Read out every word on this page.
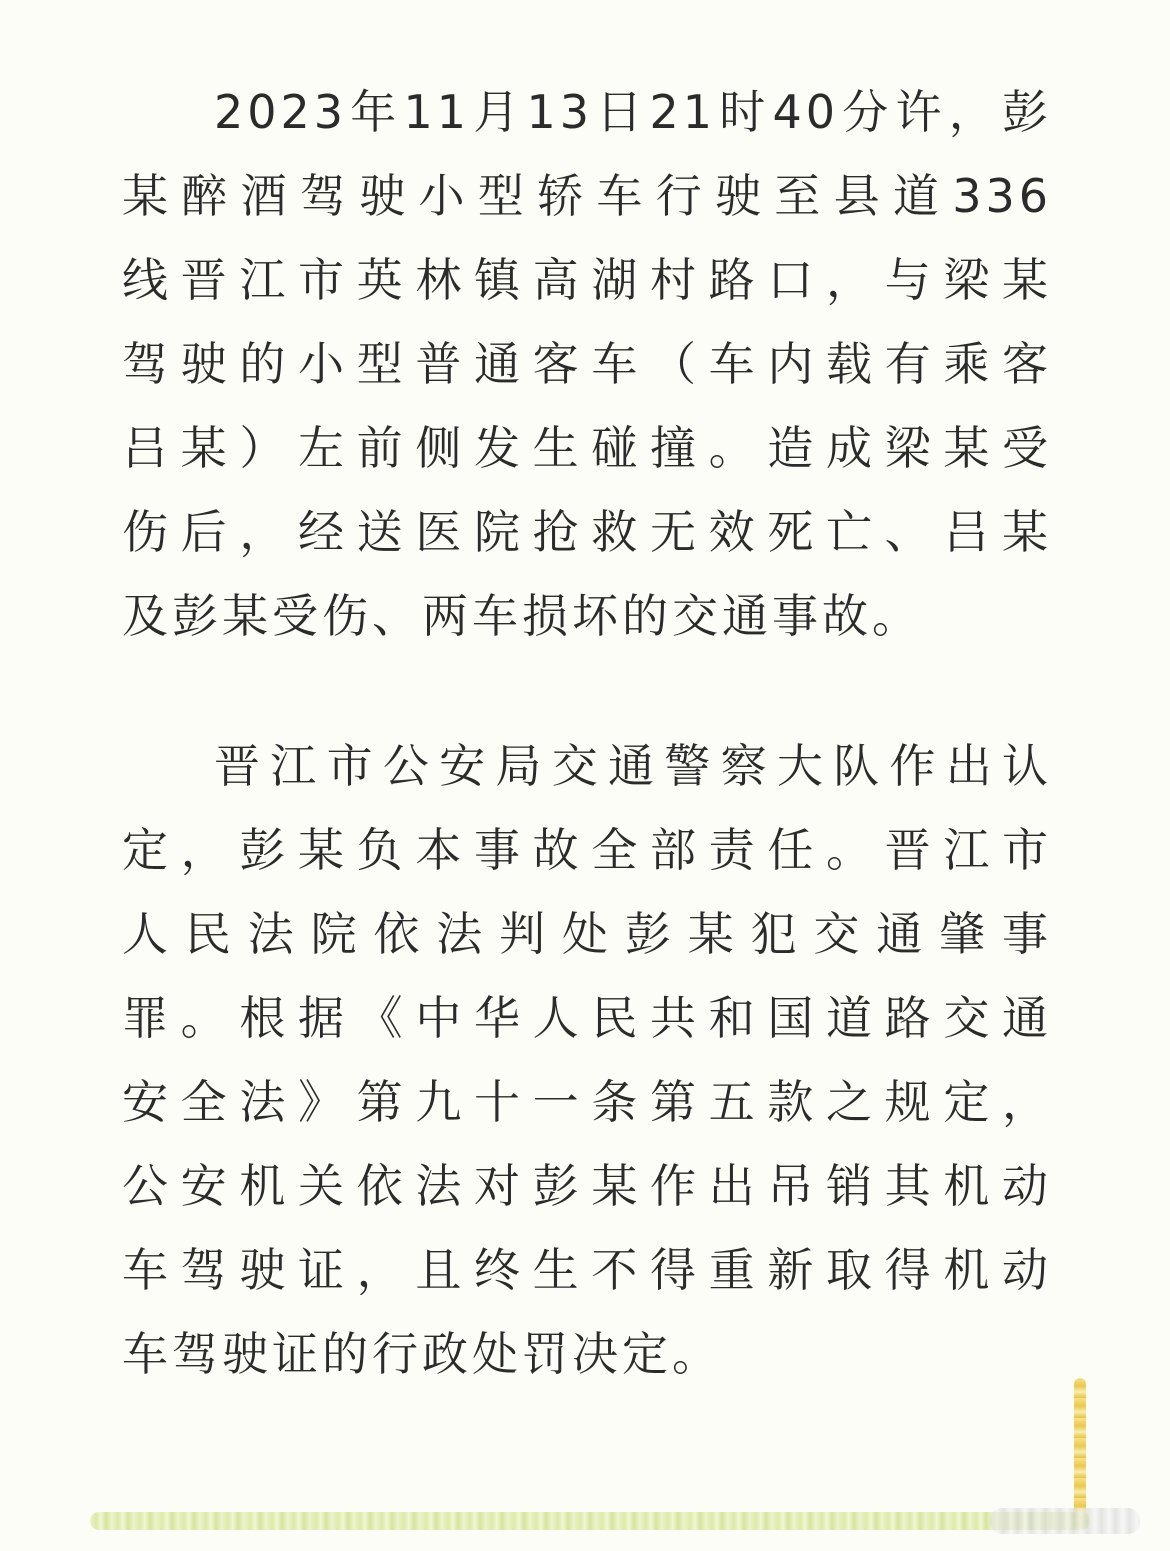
2023年11月13日21时40分许，彭
某醉酒驾驶小型轿车行驶至县道336
线晋江市英林镇高湖村路口，与梁某
驾驶的小型普通客车（车内载有乘客
吕某）左前侧发生碰撞。造成梁某受
伤后，经送医院抢救无效死亡、吕某
及彭某受伤、两车损坏的交通事故。
晋江市公安局交通警察大队作出认
定，彭某负本事故全部责任。晋江市
人民法院依法判处彭某犯交通肇事
罪。根据《中华人民共和国道路交通
安全法》第九十一条第五款之规定，
公安机关依法对彭某作出吊销其机动
车驾驶证，且终生不得重新取得机动
车驾驶证的行政处罚决定。
